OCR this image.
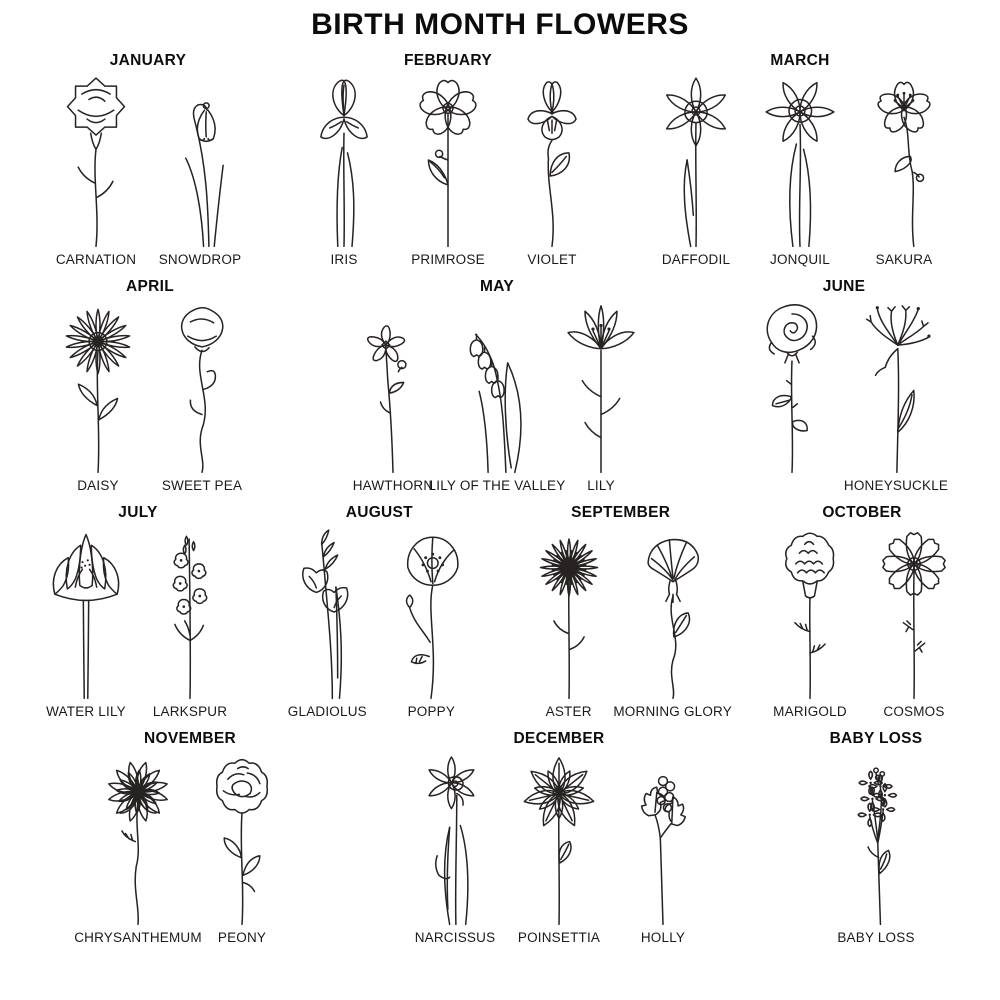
BIRTH MONTH FLOWERS
JANUARY
CARNATION SNOWDROP
FEBRUARY
IRIS	PRIMROSE	VIOLET
MARCH
DAFFODIL	JONQUIL	SAKURA
APRIL
DAISY	SWEET PEA
MAY
HAWTHORN
LILY OF THE VALLEY LILY
JUNE
HONEYSUCKLE
JULY
WATER LILY LARKSPUR
AUGUST
GLADIOLUS	POPPY
SEPTEMBER
ASTER MORNING GLORY
OCTOBER
MARIGOLD	COSMOS
NOVEMBER
CHRYSANTHEMUM PEONY
DECEMBER
NARCISSUS POINSETTIA	HOLLY
BABY LOSS
BABY LOSS
